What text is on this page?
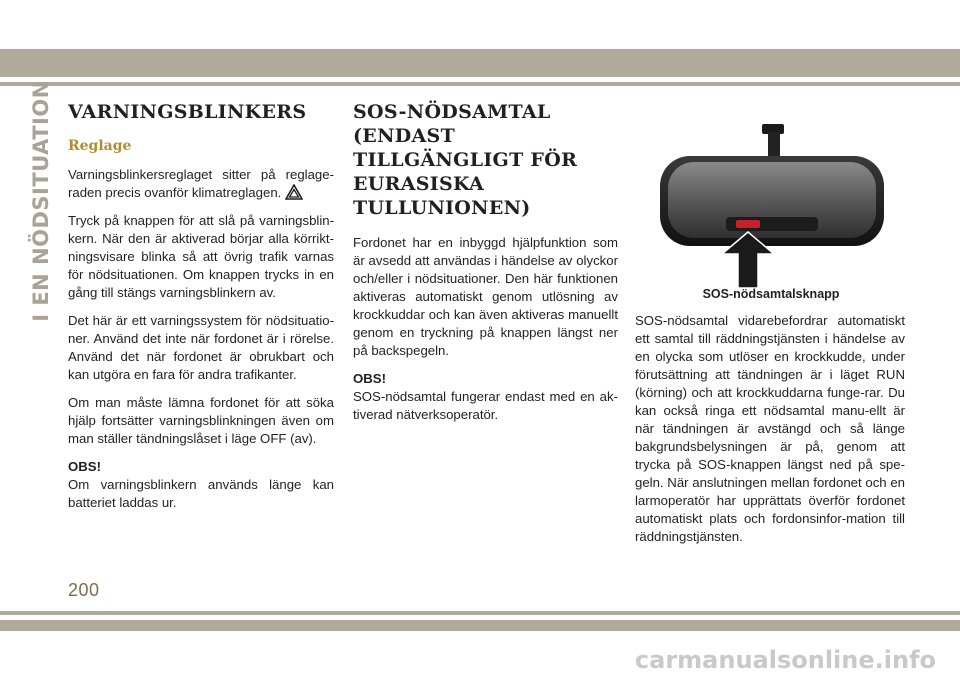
I EN NÖDSITUATION VARNINGSBLINKERS
Reglage

Varningsblinkersreglaget sitter på reglage-raden precis ovanför klimatreglagen.

Tryck på knappen för att slå på varningsblin-kern. När den är aktiverad börjar alla körrikt-ningsvisare blinka så att övrig trafik varnas för nödsituationen. Om knappen trycks in en gång till stängs varningsblinkern av.

Det här är ett varningssystem för nödsituatio-ner. Använd det inte när fordonet är i rörelse. Använd det när fordonet är obrukbart och kan utgöra en fara för andra trafikanter.

Om man måste lämna fordonet för att söka hjälp fortsätter varningsblinkningen även om man ställer tändningslåset i läge OFF (av).

OBS!
Om varningsblinkern används länge kan batteriet laddas ur.

SOS-NÖDSAMTAL (ENDAST TILLGÄNGLIGT FÖR EURASISKA TULLUNIONEN)

Fordonet har en inbyggd hjälpfunktion som är avsedd att användas i händelse av olyckor och/eller i nödsituationer. Den här funktionen aktiveras automatiskt genom utlösning av krockkuddar och kan även aktiveras manuellt genom en tryckning på knappen längst ner på backspegeln.

OBS!
SOS-nödsamtal fungerar endast med en ak-tiverad nätverksoperatör.

SOS-nödsamtalsknapp

SOS-nödsamtal vidarebefordrar automatiskt ett samtal till räddningstjänsten i händelse av en olycka som utlöser en krockkudde, under förutsättning att tändningen är i läget RUN (körning) och att krockkuddarna funge-rar. Du kan också ringa ett nödsamtal manu-ellt är när tändningen är avstängd och så länge bakgrundsbelysningen är på, genom att trycka på SOS-knappen längst ned på spe-geln. När anslutningen mellan fordonet och en larmoperatör har upprättats överför fordonet automatiskt plats och fordonsinfor-mation till räddningstjänsten.

200
carmanualsonline.info
